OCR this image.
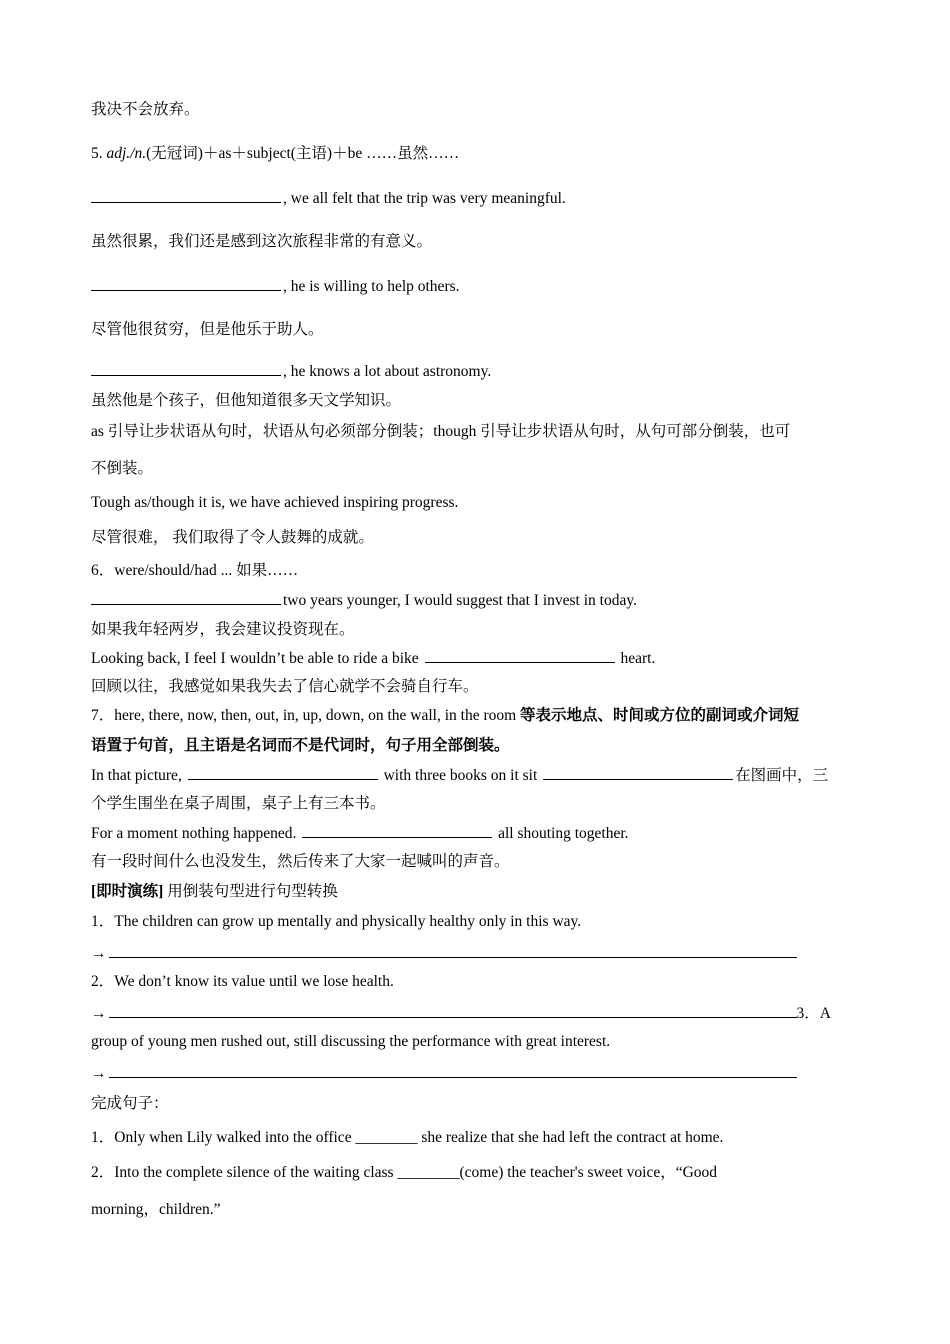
我决不会放弃。
5. adj./n.(无冠词)＋as＋subject(主语)＋be ……虽然……
, we all felt that the trip was very meaningful.
虽然很累，我们还是感到这次旅程非常的有意义。
, he is willing to help others.
尽管他很贫穷，但是他乐于助人。
, he knows a lot about astronomy.
虽然他是个孩子，但他知道很多天文学知识。
as 引导让步状语从句时，状语从句必须部分倒装；though 引导让步状语从句时，从句可部分倒装，也可
不倒装。
Tough as/though it is, we have achieved inspiring progress.
尽管很难， 我们取得了令人鼓舞的成就。
6．were/should/had ... 如果……
two years younger, I would suggest that I invest in today.
如果我年轻两岁，我会建议投资现在。
Looking back, I feel I wouldn’t be able to ride a bike	heart.
回顾以往，我感觉如果我失去了信心就学不会骑自行车。
7．here, there, now, then, out, in, up, down, on the wall, in the room 等表示地点、时间或方位的副词或介词短
语置于句首，且主语是名词而不是代词时，句子用全部倒装。
In that picture,	with three books on it sit	在图画中，三
个学生围坐在桌子周围，桌子上有三本书。
For a moment nothing happened.	all shouting together.
有一段时间什么也没发生，然后传来了大家一起喊叫的声音。
[即时演练] 用倒装句型进行句型转换
1．The children can grow up mentally and physically healthy only in this way.
→
2．We don’t know its value until we lose health.
→	3．A
group of young men rushed out, still discussing the performance with great interest.
→
完成句子：
1．Only when Lily walked into the office ________ she realize that she had left the contract at home.
2．Into the complete silence of the waiting class ________(come) the teacher's sweet voice，“Good
morning，children.”
